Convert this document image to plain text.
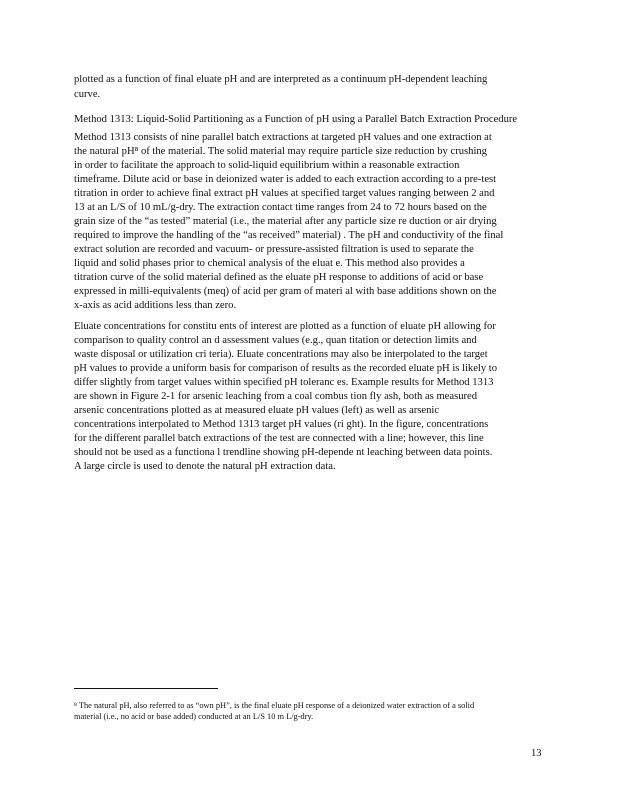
plotted as a function of final eluate pH and are interpreted as a continuum pH‐dependent leaching
curve.
Method 1313: Liquid‐Solid Partitioning as a Function of pH using a Parallel Batch Extraction Procedure
Method 1313 consists of nine parallel batch extractions at targeted pH values and one extraction at
the natural pH⁸ of the material. The solid material may require particle size reduction by crushing
in order to facilitate the approach to solid‐liquid equilibrium within a reasonable extraction
timeframe. Dilute acid or base in deionized water is added to each extraction according to a pre‐test
titration in order to achieve final extract pH values at specified target values ranging between 2 and
13 at an L/S of 10 mL/g‐dry. The extraction contact time ranges from 24 to 72 hours based on the
grain size of the “as tested” material (i.e., the material after any particle size re duction or air drying
required to improve the handling of the “as received” material) . The pH and conductivity of the final
extract solution are recorded and vacuum‐ or pressure‐assisted filtration is used to separate the
liquid and solid phases prior to chemical analysis of the eluat e. This method also provides a
titration curve of the solid material defined as the eluate pH response to additions of acid or base
expressed in milli‐equivalents (meq) of acid per gram of materi al with base additions shown on the
x‐axis as acid additions less than zero.
Eluate concentrations for constitu ents of interest are plotted as a function of eluate pH allowing for
comparison to quality control an d assessment values (e.g., quan titation or detection limits and
waste disposal or utilization cri teria). Eluate concentrations may also be interpolated to the target
pH values to provide a uniform basis for comparison of results as the recorded eluate pH is likely to
differ slightly from target values within specified pH toleranc es. Example results for Method 1313
are shown in Figure 2‐1 for arsenic leaching from a coal combus tion fly ash, both as measured
arsenic concentrations plotted as at measured eluate pH values (left) as well as arsenic
concentrations interpolated to Method 1313 target pH values (ri ght). In the figure, concentrations
for the different parallel batch extractions of the test are connected with a line; however, this line
should not be used as a functiona l trendline showing pH‐depende nt leaching between data points.
A large circle is used to denote the natural pH extraction data.
⁸ The natural pH, also referred to as “own pH”, is the final eluate pH response of a deionized water extraction of a solid
material (i.e., no acid or base added) conducted at an L/S 10 m L/g‐dry.
13
